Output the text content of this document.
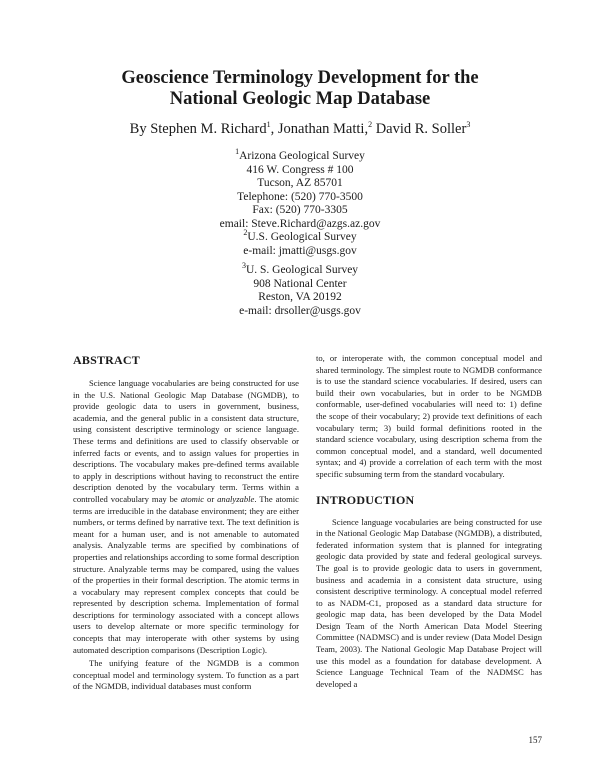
Geoscience Terminology Development for the
National Geologic Map Database

By Stephen M. Richard$^1$, Jonathan Matti,$^2$ David R. Soller$^3$

$^1$Arizona Geological Survey
416 W. Congress # 100
Tucson, AZ 85701
Telephone: (520) 770-3500
Fax: (520) 770-3305
email: Steve.Richard@azgs.az.gov
$^2$U.S. Geological Survey
e-mail: jmatti@usgs.gov
$^3$U. S. Geological Survey
908 National Center
Reston, VA 20192
e-mail: drsoller@usgs.gov
ABSTRACT

Science language vocabularies are being constructed for use in the U.S. National Geologic Map Database (NGMDB), to provide geologic data to users in government, business, academia, and the general public in a consistent data structure, using consistent descriptive terminology or science language. These terms and definitions are used to classify observable or inferred facts or events, and to assign values for properties in descriptions. The vocabulary makes pre-defined terms available to apply in descriptions without having to reconstruct the entire description denoted by the vocabulary term. Terms within a controlled vocabulary may be atomic or analyzable. The atomic terms are irreducible in the database environment; they are either numbers, or terms defined by narrative text. The text definition is meant for a human user, and is not amenable to automated analysis. Analyzable terms are specified by combinations of properties and relationships according to some formal description structure. Analyzable terms may be compared, using the values of the properties in their formal description. The atomic terms in a vocabulary may represent complex concepts that could be represented by description schema. Implementation of formal descriptions for terminology associated with a concept allows users to develop alternate or more specific terminology for concepts that may interoperate with other systems by using automated description comparisons (Description Logic).

The unifying feature of the NGMDB is a common conceptual model and terminology system. To function as a part of the NGMDB, individual databases must conform

to, or interoperate with, the common conceptual model and shared terminology. The simplest route to NGMDB conformance is to use the standard science vocabularies. If desired, users can build their own vocabularies, but in order to be NGMDB conformable, user-defined vocabularies will need to: 1) define the scope of their vocabulary; 2) provide text definitions of each vocabulary term; 3) build formal definitions rooted in the standard science vocabulary, using description schema from the common conceptual model, and a standard, well documented syntax; and 4) provide a correlation of each term with the most specific subsuming term from the standard vocabulary.

INTRODUCTION

Science language vocabularies are being constructed for use in the National Geologic Map Database (NGMDB), a distributed, federated information system that is planned for integrating geologic data provided by state and federal geological surveys. The goal is to provide geologic data to users in government, business and academia in a consistent data structure, using consistent descriptive terminology. A conceptual model referred to as NADM-C1, proposed as a standard data structure for geologic map data, has been developed by the Data Model Design Team of the North American Data Model Steering Committee (NADMSC) and is under review (Data Model Design Team, 2003). The National Geologic Map Database Project will use this model as a foundation for database development. A Science Language Technical Team of the NADMSC has developed a

157
